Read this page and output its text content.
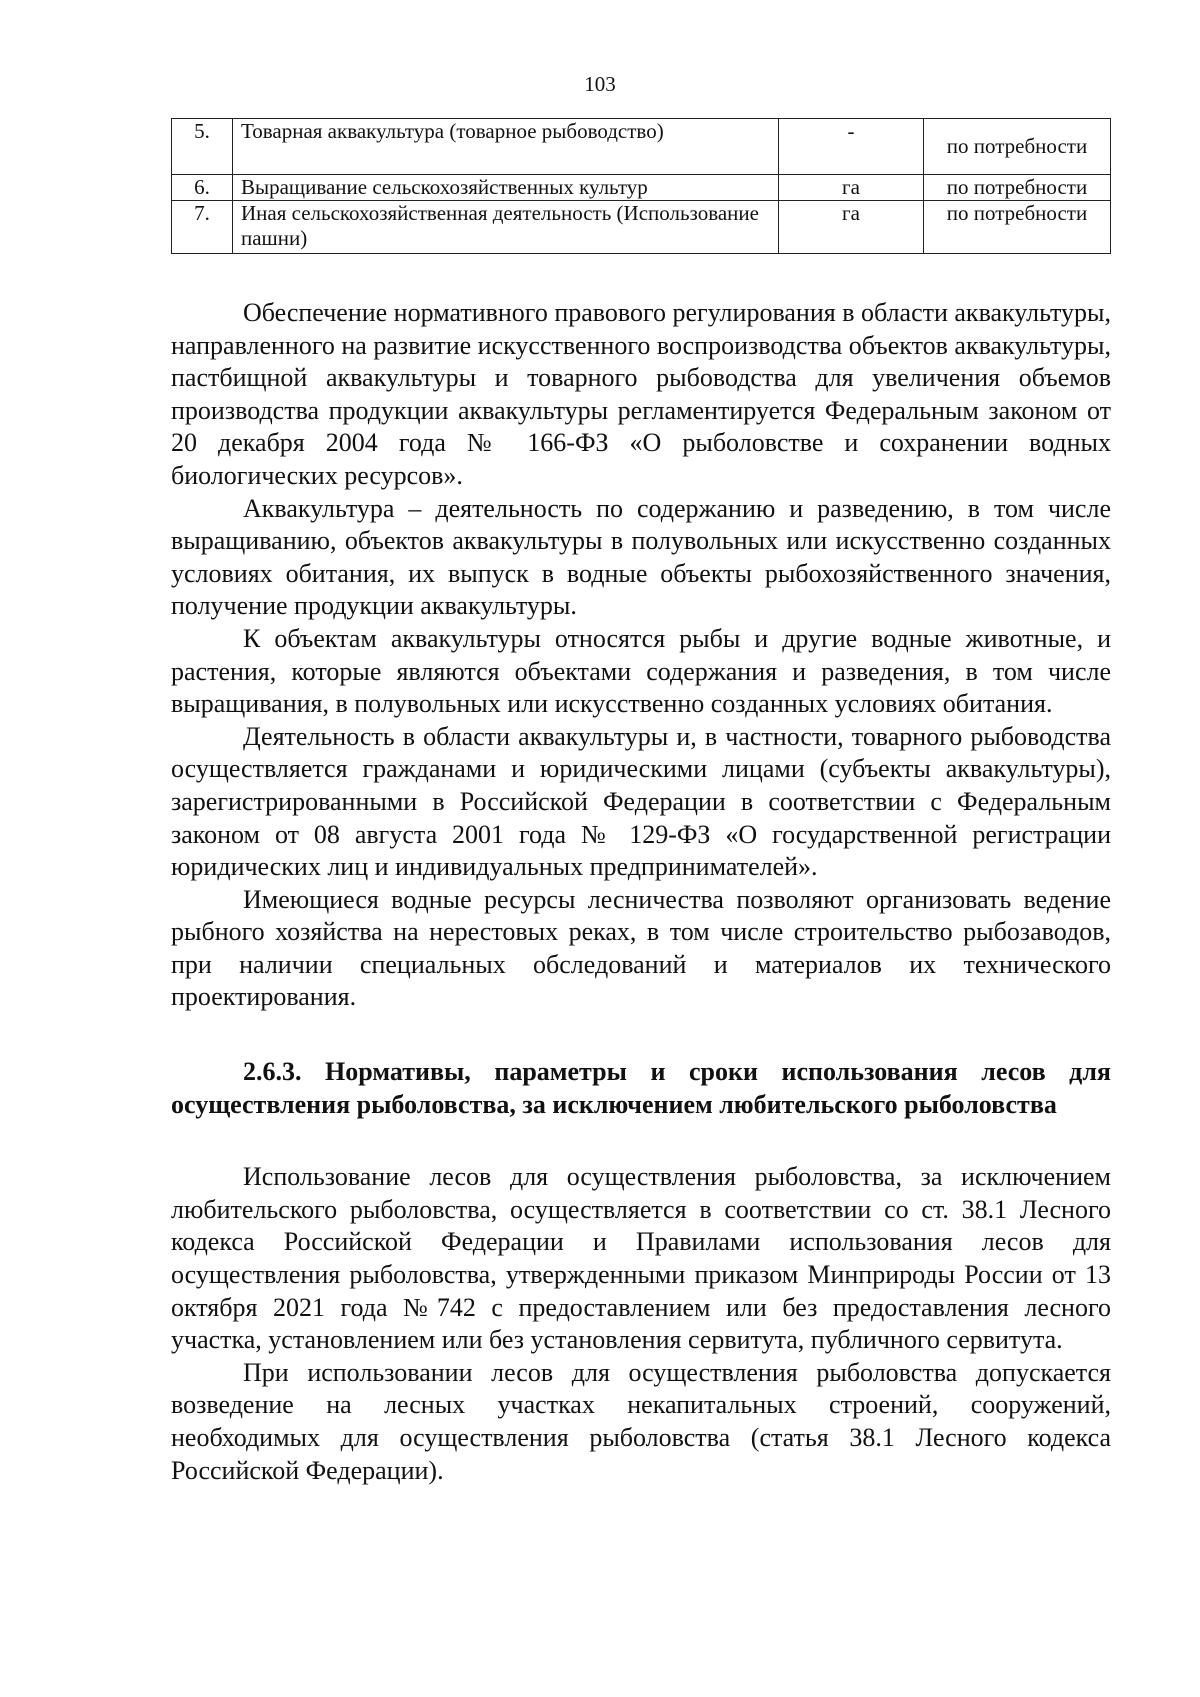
103
5.	Товарная аквакультура (товарное рыбоводство)	-	по потребности
6.	Выращивание сельскохозяйственных культур	га	по потребности
7.	Иная сельскохозяйственная деятельность (Использование пашни)	га	по потребности

Обеспечение нормативного правового регулирования в области аквакультуры, направленного на развитие искусственного воспроизводства объектов аквакультуры, пастбищной аквакультуры и товарного рыбоводства для увеличения объемов производства продукции аквакультуры регламентируется Федеральным законом от 20 декабря 2004 года № 166-ФЗ «О рыболовстве и сохранении водных биологических ресурсов».

Аквакультура – деятельность по содержанию и разведению, в том числе выращиванию, объектов аквакультуры в полувольных или искусственно созданных условиях обитания, их выпуск в водные объекты рыбохозяйственного значения, получение продукции аквакультуры.

К объектам аквакультуры относятся рыбы и другие водные животные, и растения, которые являются объектами содержания и разведения, в том числе выращивания, в полувольных или искусственно созданных условиях обитания.

Деятельность в области аквакультуры и, в частности, товарного рыбоводства осуществляется гражданами и юридическими лицами (субъекты аквакультуры), зарегистрированными в Российской Федерации в соответствии с Федеральным законом от 08 августа 2001 года № 129-ФЗ «О государственной регистрации юридических лиц и индивидуальных предпринимателей».

Имеющиеся водные ресурсы лесничества позволяют организовать ведение рыбного хозяйства на нерестовых реках, в том числе строительство рыбозаводов, при наличии специальных обследований и материалов их технического проектирования.

2.6.3. Нормативы, параметры и сроки использования лесов для осуществления рыболовства, за исключением любительского рыболовства

Использование лесов для осуществления рыболовства, за исключением любительского рыболовства, осуществляется в соответствии со ст. 38.1 Лесного кодекса Российской Федерации и Правилами использования лесов для осуществления рыболовства, утвержденными приказом Минприроды России от 13 октября 2021 года №742 с предоставлением или без предоставления лесного участка, установлением или без установления сервитута, публичного сервитута.

При использовании лесов для осуществления рыболовства допускается возведение на лесных участках некапитальных строений, сооружений, необходимых для осуществления рыболовства (статья 38.1 Лесного кодекса Российской Федерации).
